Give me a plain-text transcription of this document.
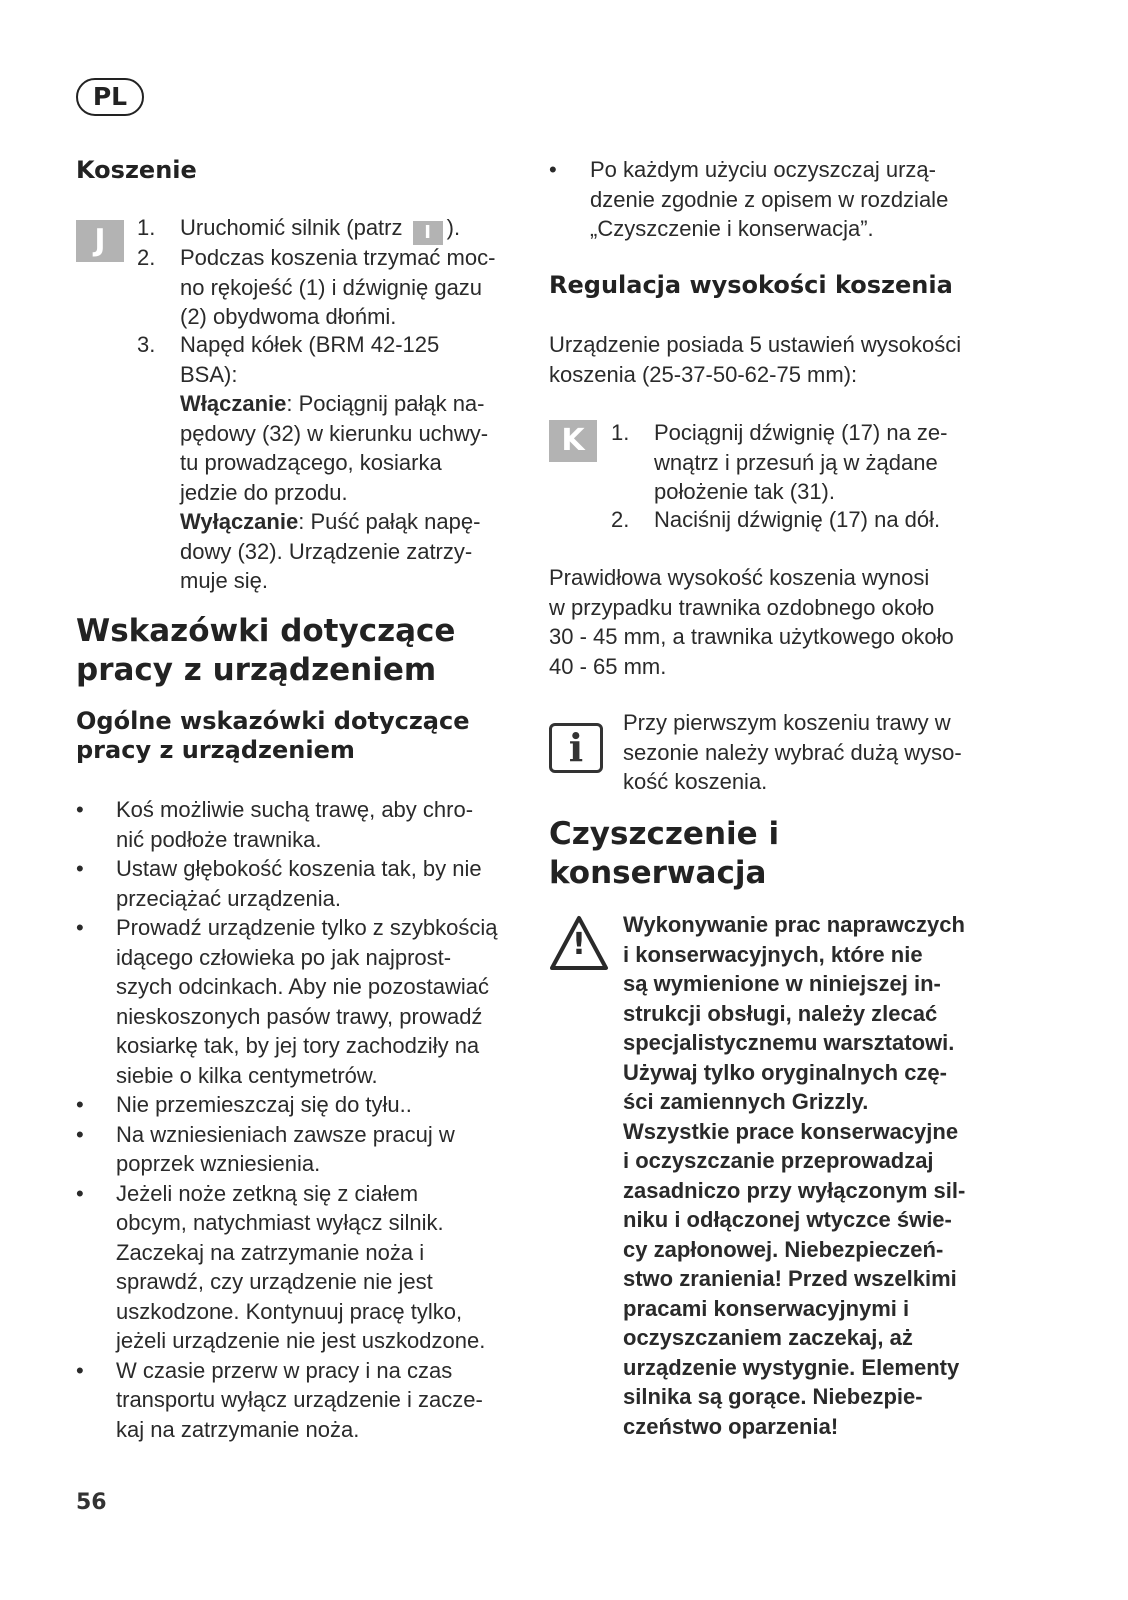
PL
Koszenie
J	1. Uruchomić silnik (patrz I ).
2. Podczas koszenia trzymać moc-
no rękojeść (1) i dźwignię gazu
(2) obydwoma dłońmi.
3. Napęd kółek (BRM 42-125
BSA):
Włączanie: Pociągnij pałąk na-
pędowy (32) w kierunku uchwy-
tu prowadzącego, kosiarka
jedzie do przodu.
Wyłączanie: Puść pałąk napę-
dowy (32). Urządzenie zatrzy-
muje się.
Wskazówki dotyczące
pracy z urządzeniem
Ogólne wskazówki dotyczące
pracy z urządzeniem
• Koś możliwie suchą trawę, aby chro-
nić podłoże trawnika.
• Ustaw głębokość koszenia tak, by nie
przeciążać urządzenia.
• Prowadź urządzenie tylko z szybkością
idącego człowieka po jak najprost-
szych odcinkach. Aby nie pozostawiać
nieskoszonych pasów trawy, prowadź
kosiarkę tak, by jej tory zachodziły na
siebie o kilka centymetrów.
• Nie przemieszczaj się do tyłu..
• Na wzniesieniach zawsze pracuj w
poprzek wzniesienia.
• Jeżeli noże zetkną się z ciałem
obcym, natychmiast wyłącz silnik.
Zaczekaj na zatrzymanie noża i
sprawdź, czy urządzenie nie jest
uszkodzone. Kontynuuj pracę tylko,
jeżeli urządzenie nie jest uszkodzone.
• W czasie przerw w pracy i na czas
transportu wyłącz urządzenie i zacze-
kaj na zatrzymanie noża.
• Po każdym użyciu oczyszczaj urzą-
dzenie zgodnie z opisem w rozdziale
„Czyszczenie i konserwacja”.
Regulacja wysokości koszenia
Urządzenie posiada 5 ustawień wysokości
koszenia (25-37-50-62-75 mm):
K	1. Pociągnij dźwignię (17) na ze-
wnątrz i przesuń ją w żądane
położenie tak (31).
2. Naciśnij dźwignię (17) na dół.
Prawidłowa wysokość koszenia wynosi
w przypadku trawnika ozdobnego około
30 - 45 mm, a trawnika użytkowego około
40 - 65 mm.
i
Przy pierwszym koszeniu trawy w
sezonie należy wybrać dużą wyso-
kość koszenia.
Czyszczenie i
konserwacja
!
Wykonywanie prac naprawczych
i konserwacyjnych, które nie
są wymienione w niniejszej in-
strukcji obsługi, należy zlecać
specjalistycznemu warsztatowi.
Używaj tylko oryginalnych czę-
ści zamiennych Grizzly.
Wszystkie prace konserwacyjne
i oczyszczanie przeprowadzaj
zasadniczo przy wyłączonym sil-
niku i odłączonej wtyczce świe-
cy zapłonowej. Niebezpieczeń-
stwo zranienia! Przed wszelkimi
pracami konserwacyjnymi i
oczyszczaniem zaczekaj, aż
urządzenie wystygnie. Elementy
silnika są gorące. Niebezpie-
czeństwo oparzenia!
56
